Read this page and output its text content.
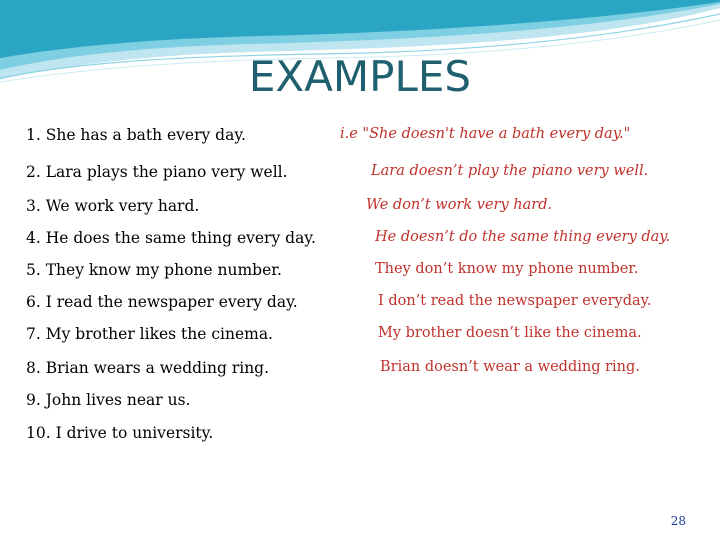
EXAMPLES
1. She has a bath every day.
2. Lara plays the piano very well.
3. We work very hard.
4. He does the same thing every day.
5. They know my phone number.
6. I read the newspaper every day.
7. My brother likes the cinema.
8. Brian wears a wedding ring.
9. John lives near us.
10. I drive to university.
i.e "She doesn't have a bath every day."
Lara doesn’t play the piano very well.
We don’t work very hard.
He doesn’t do the same thing every day.
They don’t know my phone number.
I don’t read the newspaper everyday.
My brother doesn’t like the cinema.
Brian doesn’t wear a wedding ring.
28
